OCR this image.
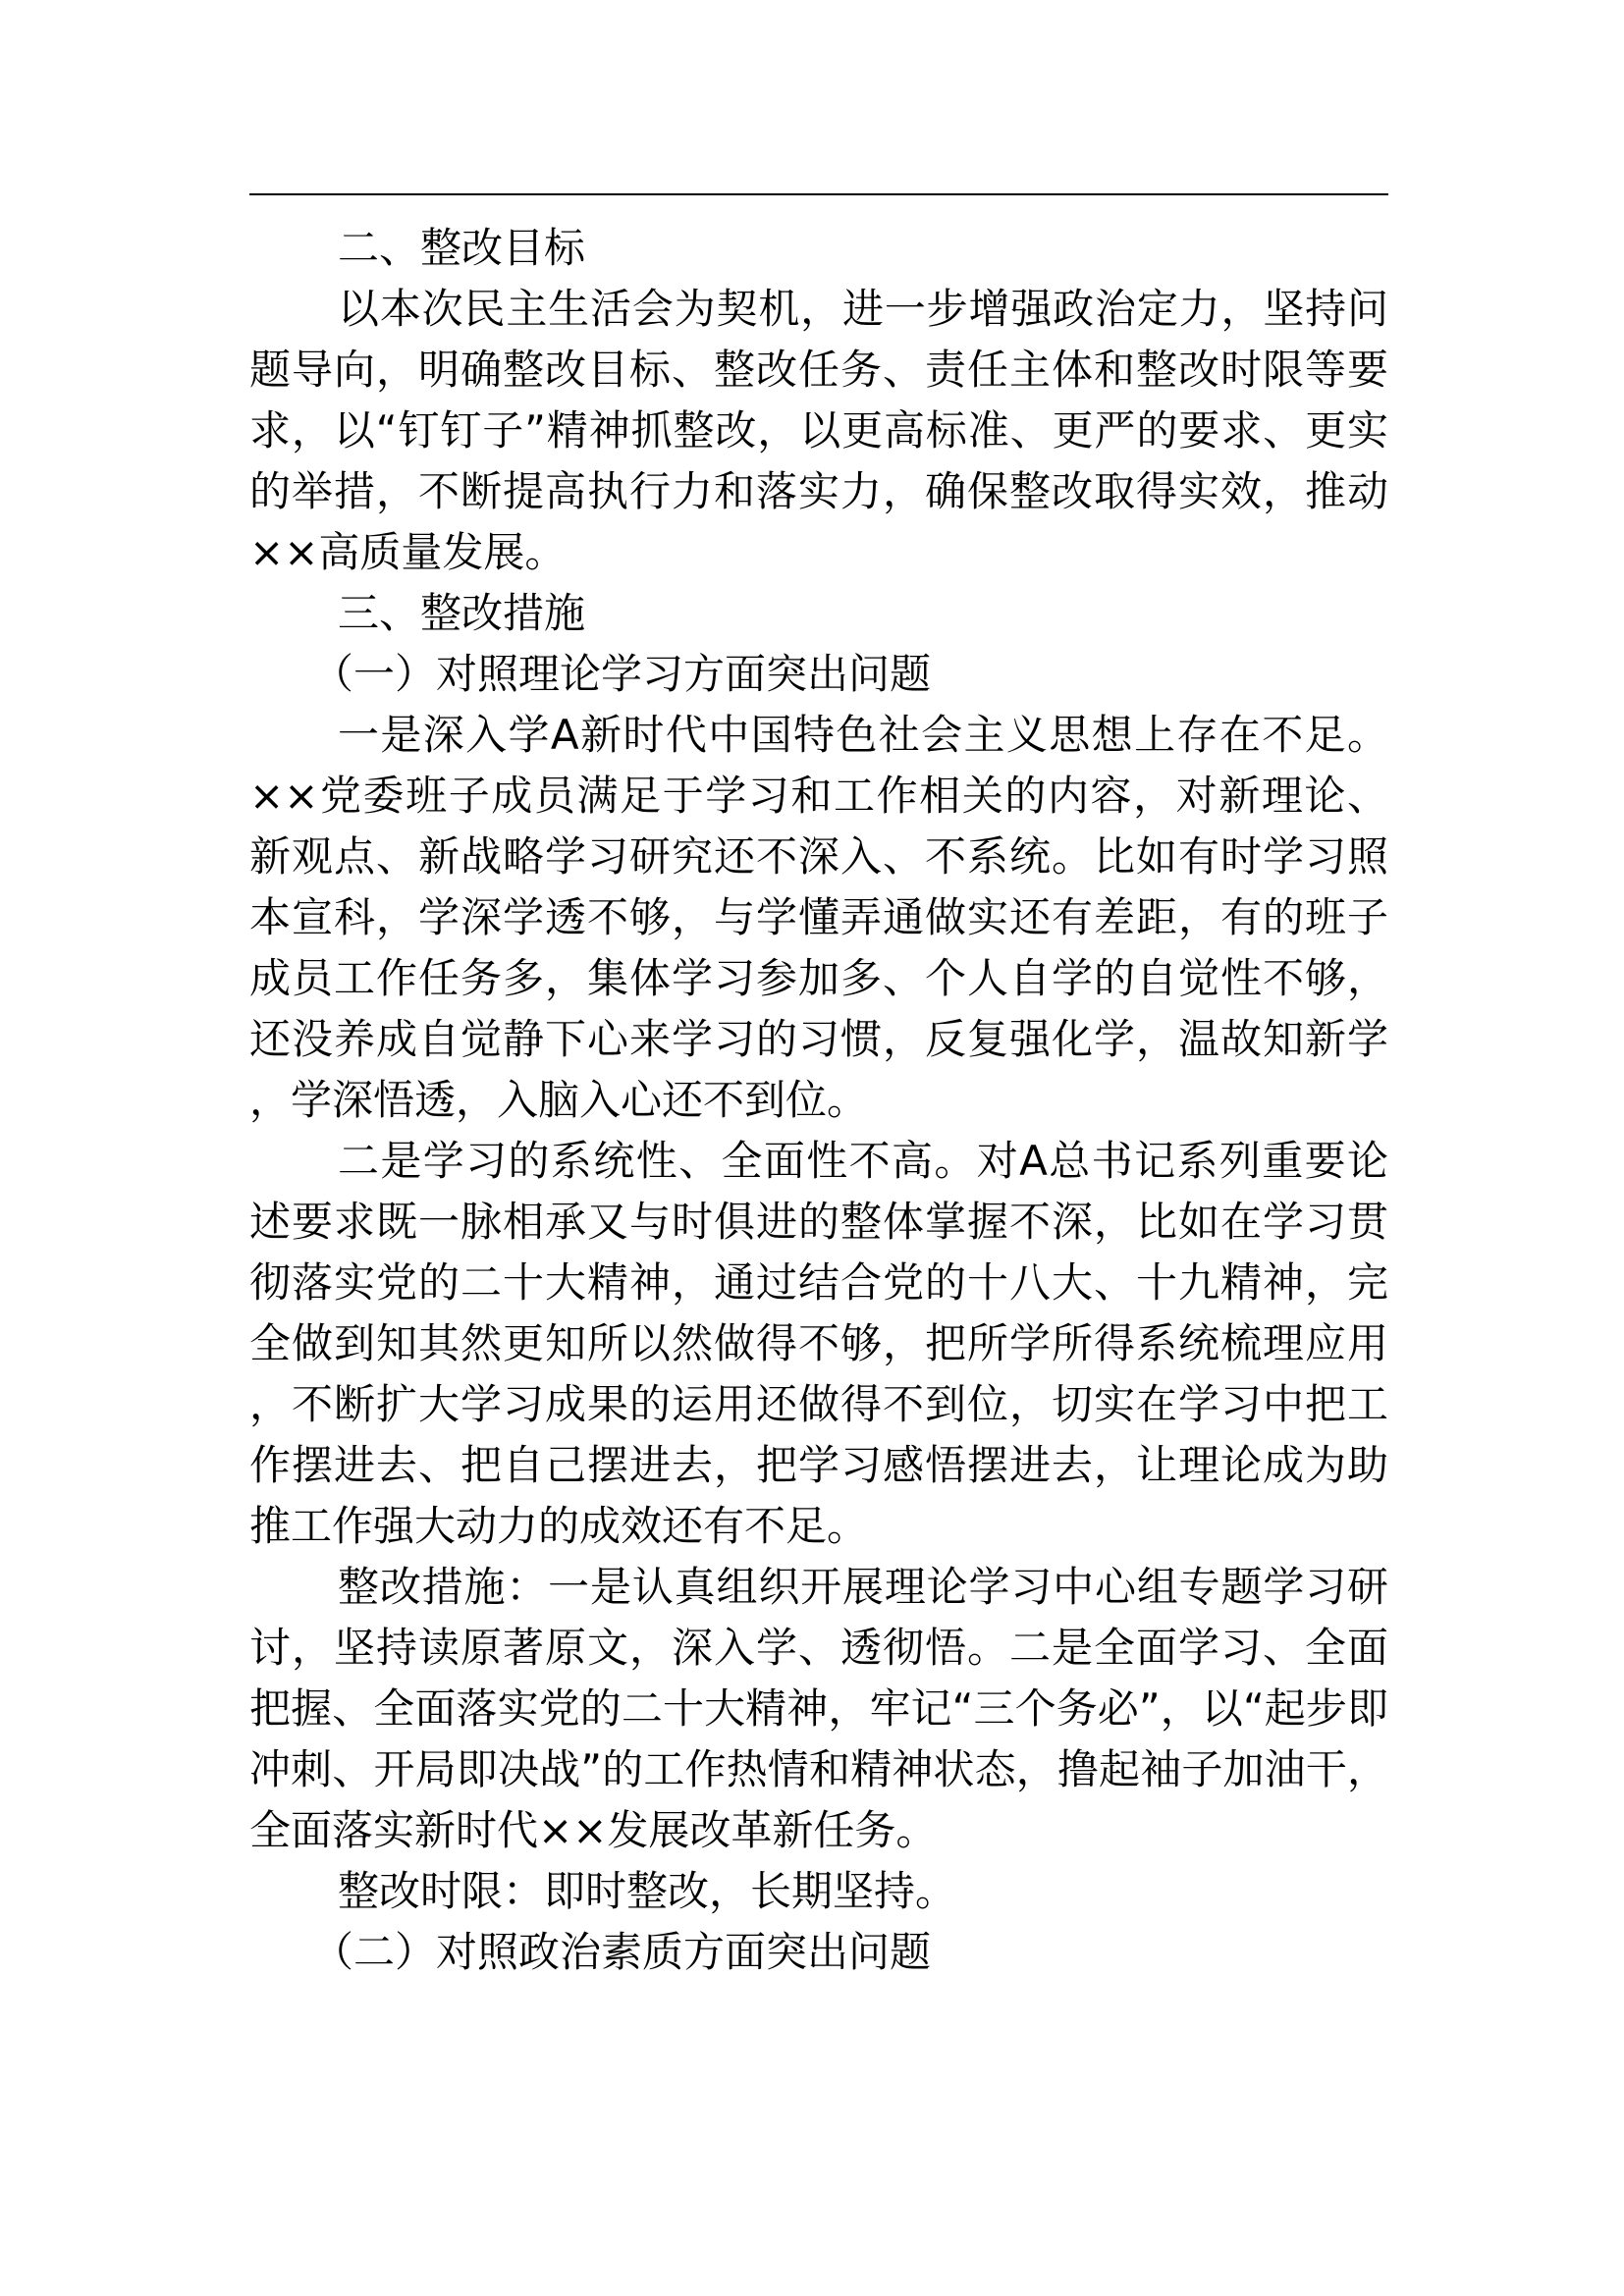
二、整改目标

以本次民主生活会为契机，进一步增强政治定力，坚持问题导向，明确整改目标、整改任务、责任主体和整改时限等要求，以“钉钉子”精神抓整改，以更高标准、更严的要求、更实的举措，不断提高执行力和落实力，确保整改取得实效，推动××高质量发展。

三、整改措施

（一）对照理论学习方面突出问题

一是深入学A新时代中国特色社会主义思想上存在不足。××党委班子成员满足于学习和工作相关的内容，对新理论、新观点、新战略学习研究还不深入、不系统。比如有时学习照本宣科，学深学透不够，与学懂弄通做实还有差距，有的班子成员工作任务多，集体学习参加多、个人自学的自觉性不够，还没养成自觉静下心来学习的习惯，反复强化学，温故知新学，学深悟透，入脑入心还不到位。

二是学习的系统性、全面性不高。对A总书记系列重要论述要求既一脉相承又与时俱进的整体掌握不深，比如在学习贯彻落实党的二十大精神，通过结合党的十八大、十九精神，完全做到知其然更知所以然做得不够，把所学所得系统梳理应用，不断扩大学习成果的运用还做得不到位，切实在学习中把工作摆进去、把自己摆进去，把学习感悟摆进去，让理论成为助推工作强大动力的成效还有不足。

整改措施：一是认真组织开展理论学习中心组专题学习研讨，坚持读原著原文，深入学、透彻悟。二是全面学习、全面把握、全面落实党的二十大精神，牢记“三个务必”，以“起步即冲刺、开局即决战”的工作热情和精神状态，撸起袖子加油干，全面落实新时代××发展改革新任务。

整改时限：即时整改，长期坚持。

（二）对照政治素质方面突出问题
